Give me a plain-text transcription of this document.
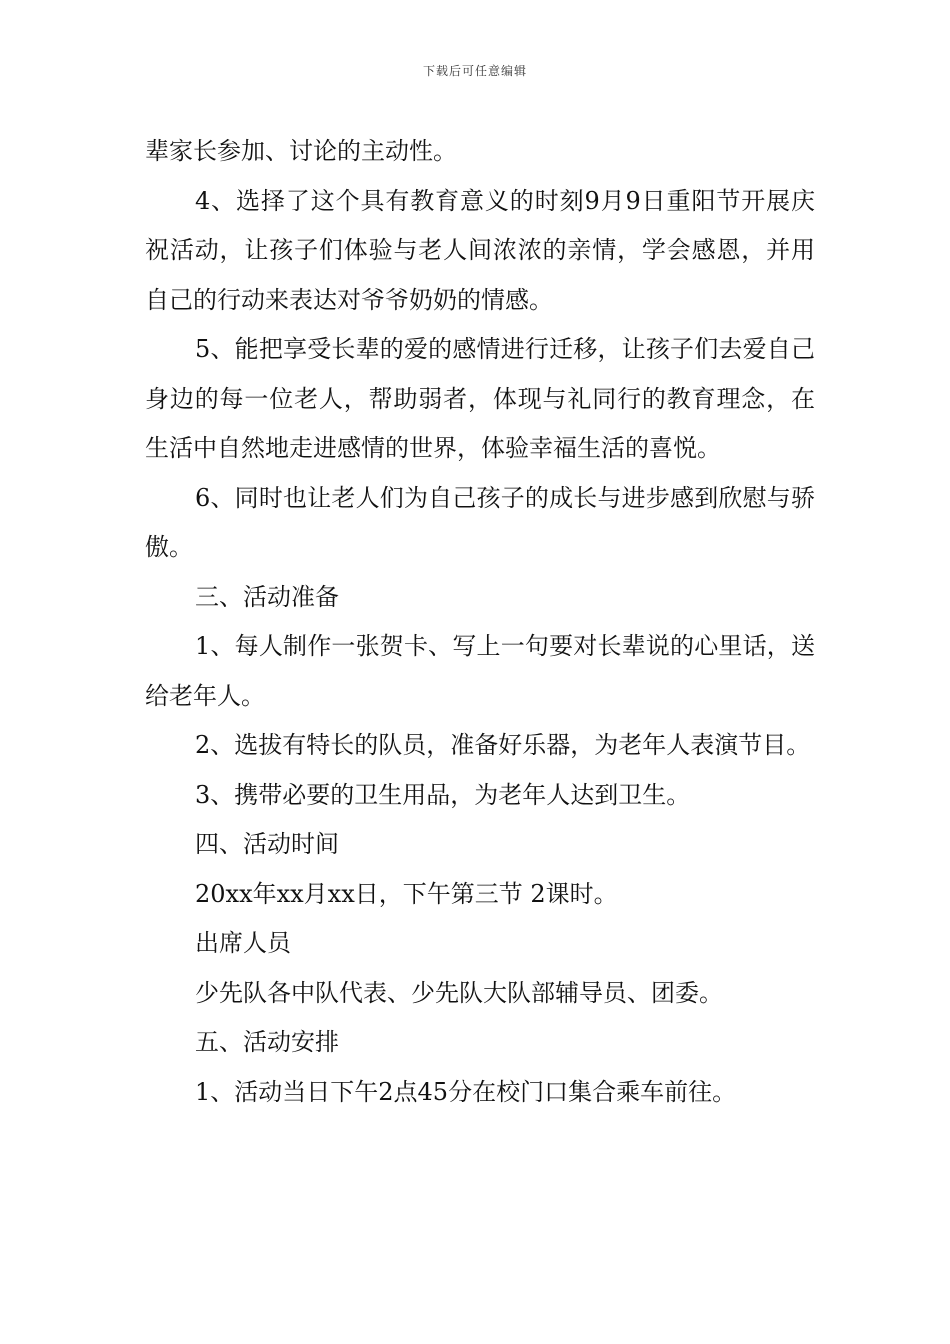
下载后可任意编辑

辈家长参加、讨论的主动性。

4、选择了这个具有教育意义的时刻9月9日重阳节开展庆祝活动，让孩子们体验与老人间浓浓的亲情，学会感恩，并用自己的行动来表达对爷爷奶奶的情感。

5、能把享受长辈的爱的感情进行迁移，让孩子们去爱自己身边的每一位老人，帮助弱者，体现与礼同行的教育理念，在生活中自然地走进感情的世界，体验幸福生活的喜悦。

6、同时也让老人们为自己孩子的成长与进步感到欣慰与骄傲。

三、活动准备

1、每人制作一张贺卡、写上一句要对长辈说的心里话，送给老年人。

2、选拔有特长的队员，准备好乐器，为老年人表演节目。

3、携带必要的卫生用品，为老年人达到卫生。

四、活动时间

20xx年xx月xx日，下午第三节 2课时。

出席人员

少先队各中队代表、少先队大队部辅导员、团委。

五、活动安排

1、活动当日下午2点45分在校门口集合乘车前往。
